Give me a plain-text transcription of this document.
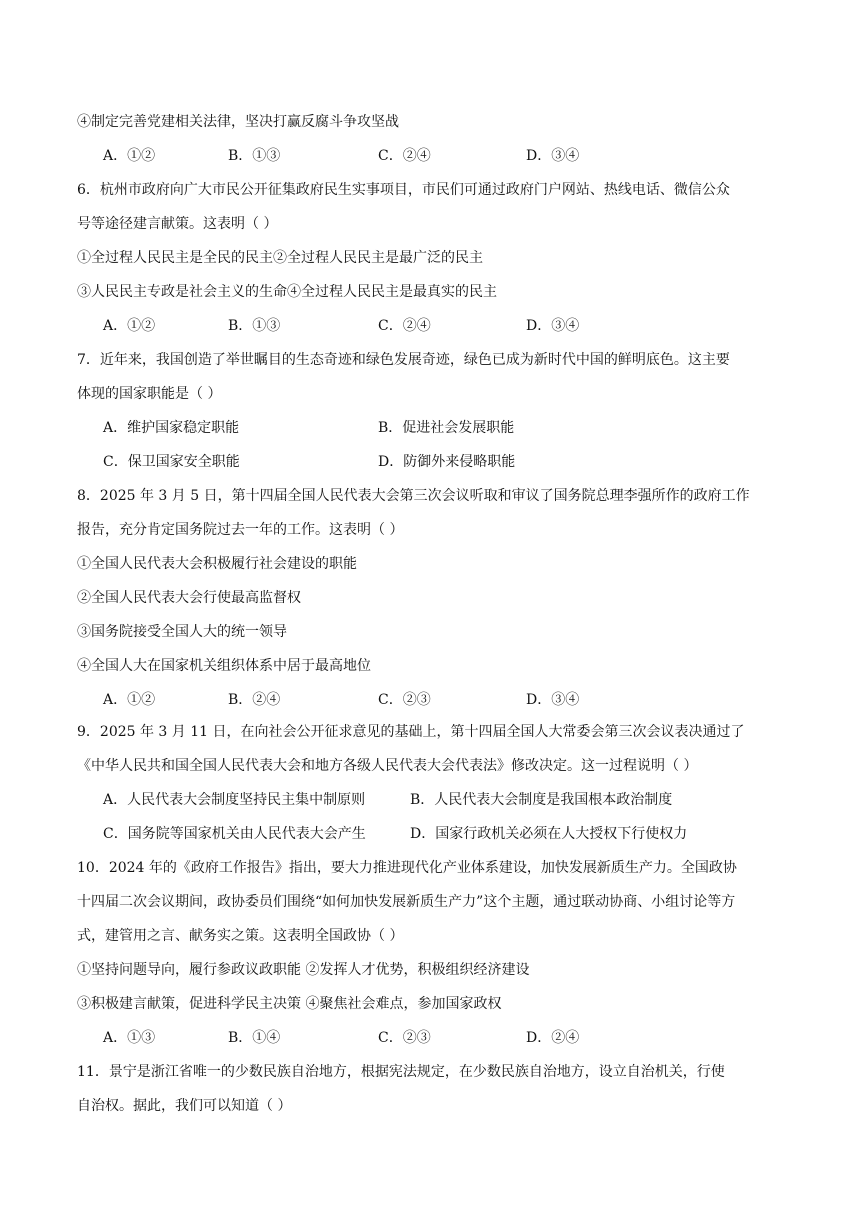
④制定完善党建相关法律，坚决打赢反腐斗争攻坚战
A．①②	B．①③	C．②④	D．③④
6．杭州市政府向广大市民公开征集政府民生实事项目，市民们可通过政府门户网站、热线电话、微信公众
号等途径建言献策。这表明（ ）
①全过程人民民主是全民的民主②全过程人民民主是最广泛的民主
③人民民主专政是社会主义的生命④全过程人民民主是最真实的民主
A．①②	B．①③	C．②④	D．③④
7．近年来，我国创造了举世瞩目的生态奇迹和绿色发展奇迹，绿色已成为新时代中国的鲜明底色。这主要
体现的国家职能是（ ）
A．维护国家稳定职能	B．促进社会发展职能
C．保卫国家安全职能	D．防御外来侵略职能
8．2025 年 3 月 5 日，第十四届全国人民代表大会第三次会议听取和审议了国务院总理李强所作的政府工作
报告，充分肯定国务院过去一年的工作。这表明（ ）
①全国人民代表大会积极履行社会建设的职能
②全国人民代表大会行使最高监督权
③国务院接受全国人大的统一领导
④全国人大在国家机关组织体系中居于最高地位
A．①②	B．②④	C．②③	D．③④
9．2025 年 3 月 11 日，在向社会公开征求意见的基础上，第十四届全国人大常委会第三次会议表决通过了
《中华人民共和国全国人民代表大会和地方各级人民代表大会代表法》修改决定。这一过程说明（ ）
A．人民代表大会制度坚持民主集中制原则	B．人民代表大会制度是我国根本政治制度
C．国务院等国家机关由人民代表大会产生	D．国家行政机关必须在人大授权下行使权力
10．2024 年的《政府工作报告》指出，要大力推进现代化产业体系建设，加快发展新质生产力。全国政协
十四届二次会议期间，政协委员们围绕“如何加快发展新质生产力”这个主题，通过联动协商、小组讨论等方
式，建管用之言、献务实之策。这表明全国政协（ ）
①坚持问题导向，履行参政议政职能 ②发挥人才优势，积极组织经济建设
③积极建言献策，促进科学民主决策 ④聚焦社会难点，参加国家政权
A．①③	B．①④	C．②③	D．②④
11．景宁是浙江省唯一的少数民族自治地方，根据宪法规定，在少数民族自治地方，设立自治机关，行使
自治权。据此，我们可以知道（ ）
